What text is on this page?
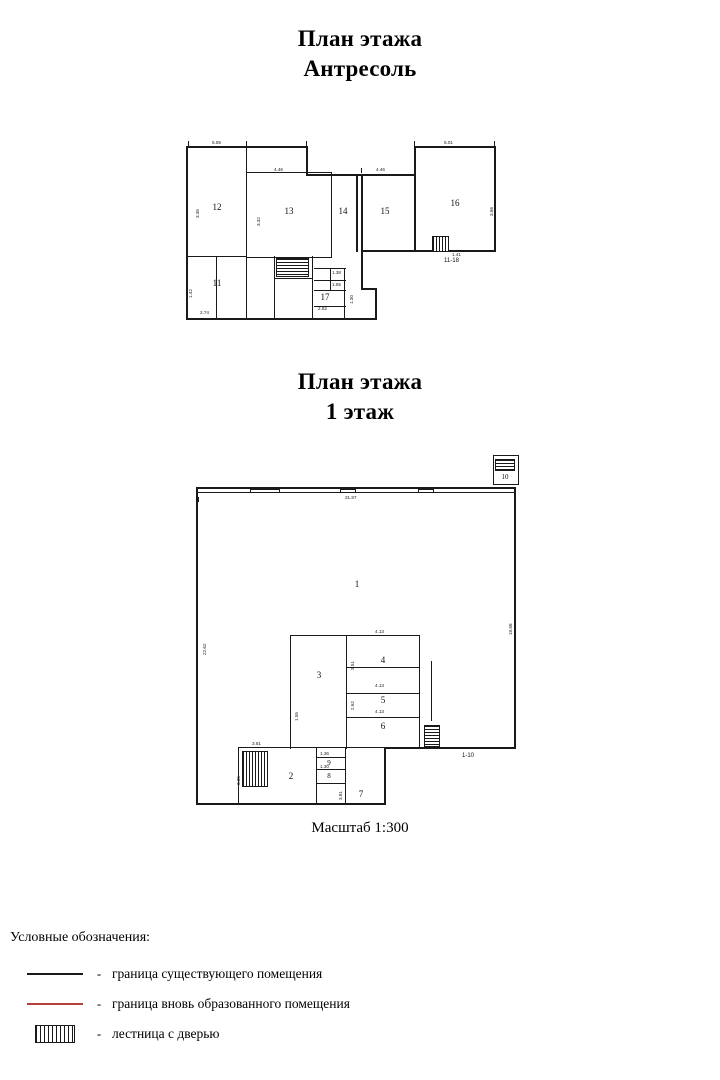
План этажа
Антресоль
12	13	14	15
16
11
17
5.59
4.46	4.46
5.01
3.35
3.32
3.66
1.41
2.74
1.42
1.38
1.55
2.62
1.30
11-18
План этажа
1 этаж
10
1
3
4
5
6
2
9
8
7
31.87
22.62
19.88
4.13
4.13
4.13
3.81
1.36
1.30
3.05
1.55
3.51
2.62
3.81
1-10
Масштаб 1:300
Условные обозначения:
- граница существующего помещения
- граница вновь образованного помещения
- лестница с дверью
